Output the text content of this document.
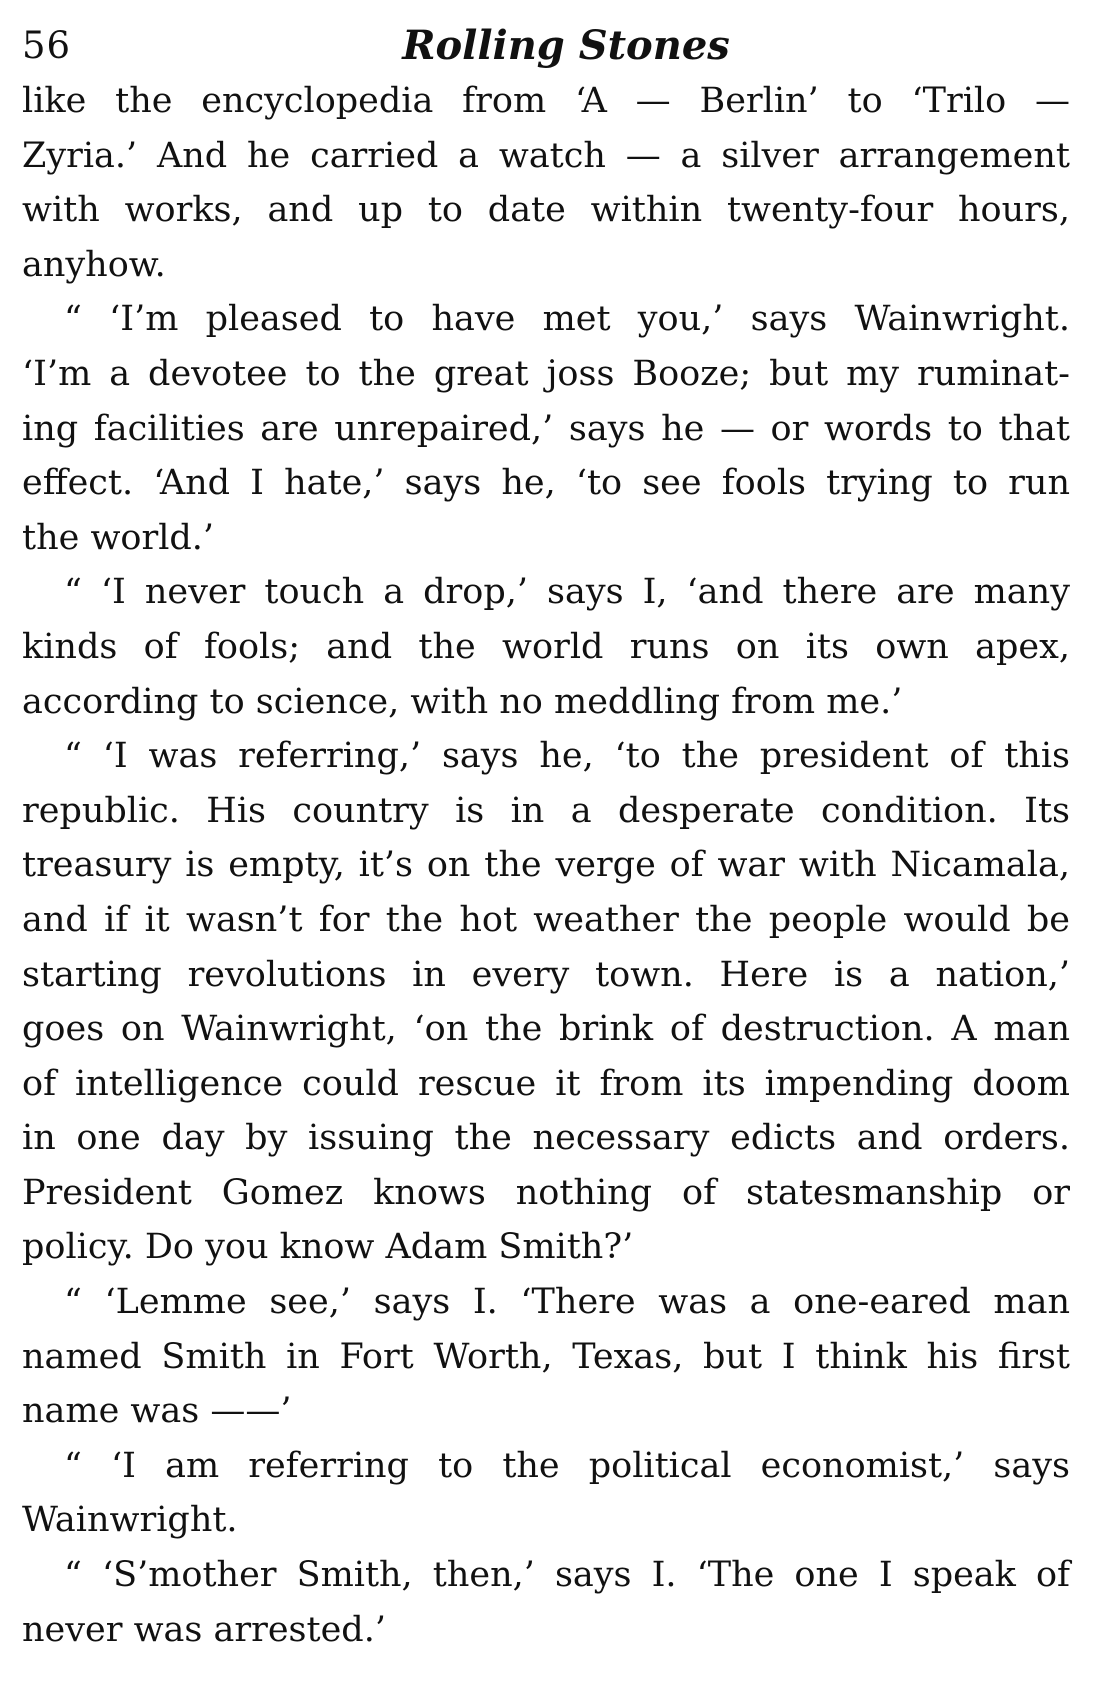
56	Rolling Stones
like the encyclopedia from ‘A — Berlin’ to ‘Trilo —
Zyria.’ And he carried a watch — a silver arrangement
with works, and up to date within twenty-four hours,
anyhow.
“ ‘I’m pleased to have met you,’ says Wainwright.
‘I’m a devotee to the great joss Booze; but my ruminat-
ing facilities are unrepaired,’ says he — or words to that
effect. ‘And I hate,’ says he, ‘to see fools trying to run
the world.’
“ ‘I never touch a drop,’ says I, ‘and there are many
kinds of fools; and the world runs on its own apex,
according to science, with no meddling from me.’
“ ‘I was referring,’ says he, ‘to the president of this
republic. His country is in a desperate condition. Its
treasury is empty, it’s on the verge of war with Nicamala,
and if it wasn’t for the hot weather the people would be
starting revolutions in every town. Here is a nation,’
goes on Wainwright, ‘on the brink of destruction. A man
of intelligence could rescue it from its impending doom
in one day by issuing the necessary edicts and orders.
President Gomez knows nothing of statesmanship or
policy. Do you know Adam Smith?’
“ ‘Lemme see,’ says I. ‘There was a one-eared man
named Smith in Fort Worth, Texas, but I think his first
name was ——’
“ ‘I am referring to the political economist,’ says
Wainwright.
“ ‘S’mother Smith, then,’ says I. ‘The one I speak of
never was arrested.’
